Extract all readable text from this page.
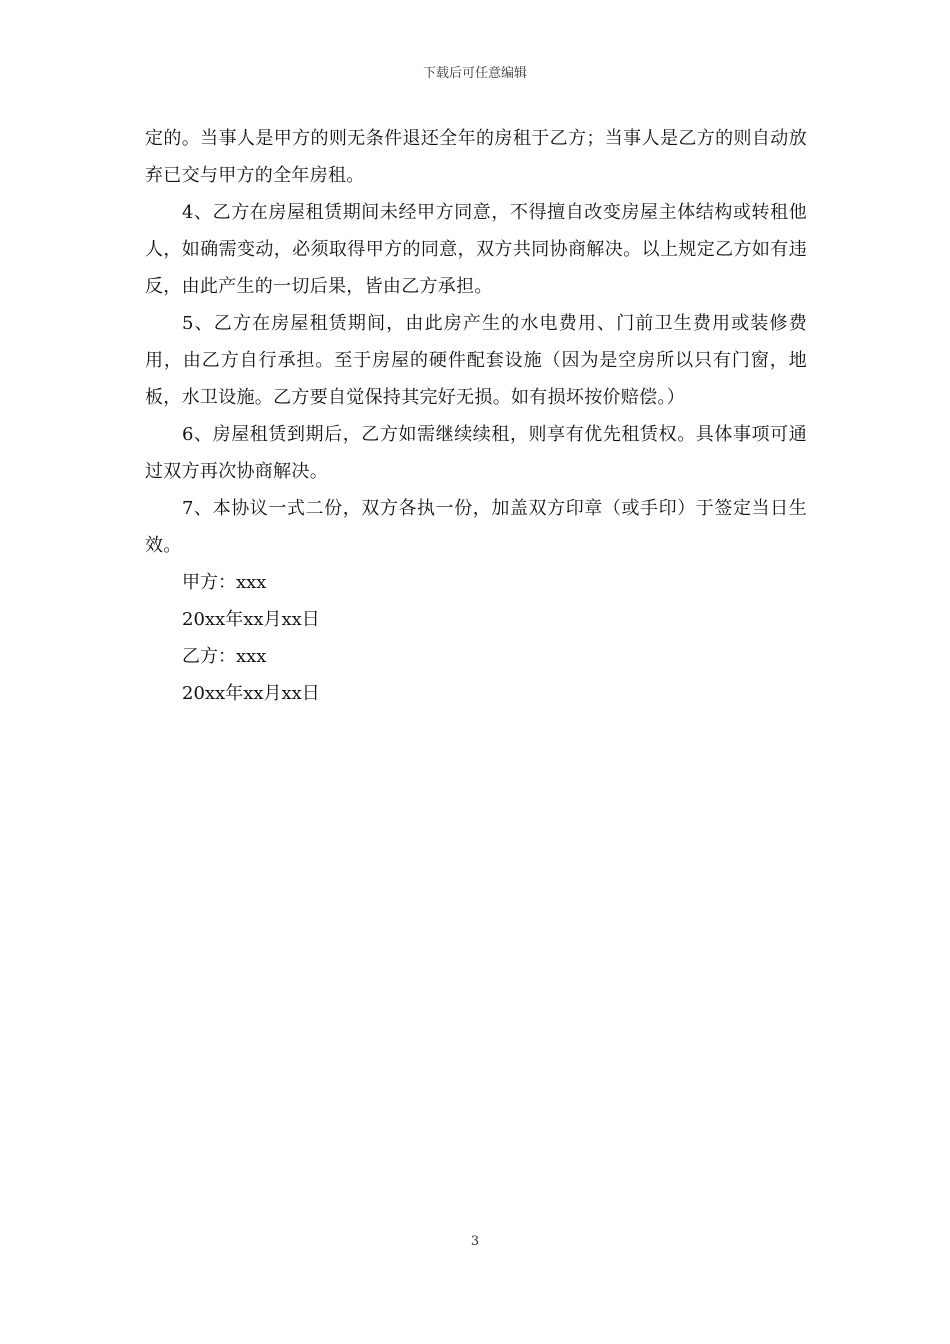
下载后可任意编辑

定的。当事人是甲方的则无条件退还全年的房租于乙方；当事人是乙方的则自动放弃已交与甲方的全年房租。

4、乙方在房屋租赁期间未经甲方同意，不得擅自改变房屋主体结构或转租他人，如确需变动，必须取得甲方的同意，双方共同协商解决。以上规定乙方如有违反，由此产生的一切后果，皆由乙方承担。

5、乙方在房屋租赁期间，由此房产生的水电费用、门前卫生费用或装修费用，由乙方自行承担。至于房屋的硬件配套设施（因为是空房所以只有门窗，地板，水卫设施。乙方要自觉保持其完好无损。如有损坏按价赔偿。）

6、房屋租赁到期后，乙方如需继续续租，则享有优先租赁权。具体事项可通过双方再次协商解决。

7、本协议一式二份，双方各执一份，加盖双方印章（或手印）于签定当日生效。

甲方：xxx

20xx年xx月xx日

乙方：xxx

20xx年xx月xx日

3
